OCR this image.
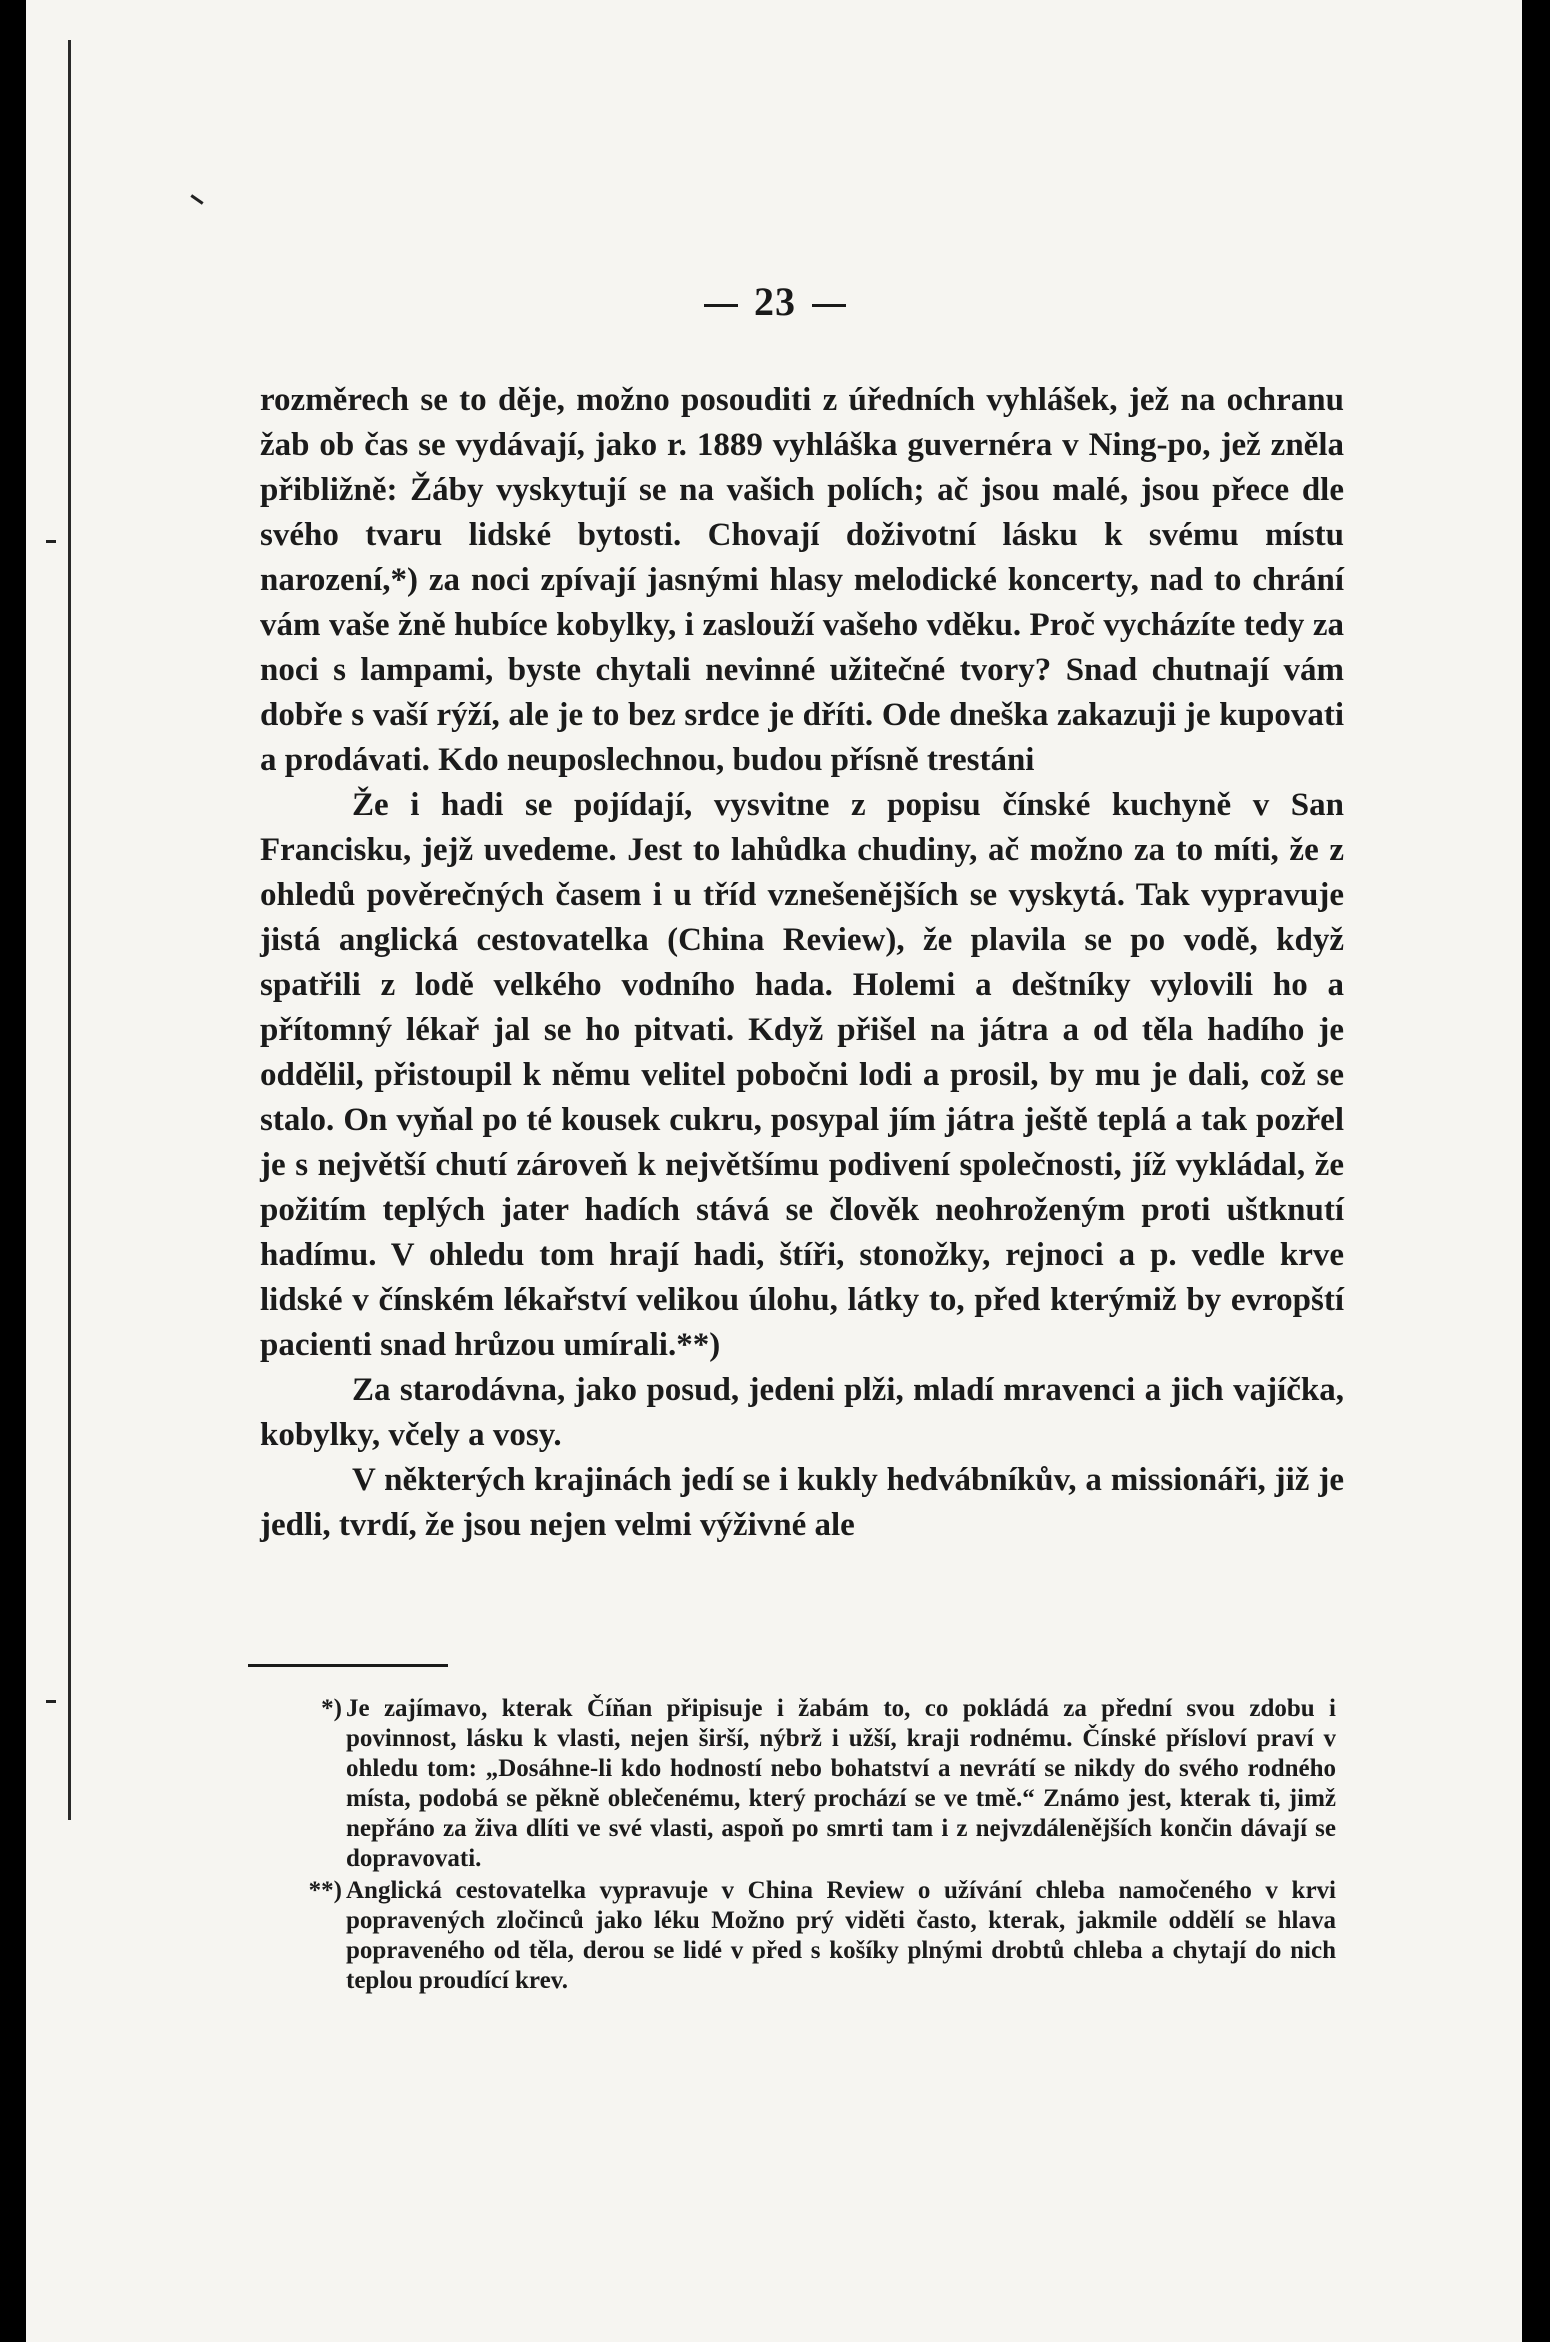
23

rozměrech se to děje, možno posouditi z úředních vyhlášek, jež na ochranu žab ob čas se vydávají, jako r. 1889 vyhláška guvernéra v Ning-po, jež zněla přibližně: Žáby vyskytují se na vašich polích; ač jsou malé, jsou přece dle svého tvaru lidské bytosti. Chovají doživotní lásku k svému místu narození,*) za noci zpívají jasnými hlasy melodické koncerty, nad to chrání vám vaše žně hubíce kobylky, i zaslouží vašeho vděku. Proč vycházíte tedy za noci s lampami, byste chytali nevinné užitečné tvory? Snad chutnají vám dobře s vaší rýží, ale je to bez srdce je dříti. Ode dneška zakazuji je kupovati a prodávati. Kdo neuposlechnou, budou přísně trestáni

Že i hadi se pojídají, vysvitne z popisu čínské kuchyně v San Francisku, jejž uvedeme. Jest to lahůdka chudiny, ač možno za to míti, že z ohledů pověrečných časem i u tříd vznešenějších se vyskytá. Tak vypravuje jistá anglická cestovatelka (China Review), že plavila se po vodě, když spatřili z lodě velkého vodního hada. Holemi a deštníky vylovili ho a přítomný lékař jal se ho pitvati. Když přišel na játra a od těla hadího je oddělil, přistoupil k němu velitel pobočni lodi a prosil, by mu je dali, což se stalo. On vyňal po té kousek cukru, posypal jím játra ještě teplá a tak pozřel je s největší chutí zároveň k největšímu podivení společnosti, jíž vykládal, že požitím teplých jater hadích stává se člověk neohroženým proti uštknutí hadímu. V ohledu tom hrají hadi, štíři, stonožky, rejnoci a p. vedle krve lidské v čínském lékařství velikou úlohu, látky to, před kterýmiž by evropští pacienti snad hrůzou umírali.**)

Za starodávna, jako posud, jedeni plži, mladí mravenci a jich vajíčka, kobylky, včely a vosy.

V některých krajinách jedí se i kukly hedvábníkův, a missionáři, již je jedli, tvrdí, že jsou nejen velmi výživné ale

*) Je zajímavo, kterak Číňan připisuje i žabám to, co pokládá za přední svou zdobu i povinnost, lásku k vlasti, nejen širší, nýbrž i užší, kraji rodnému. Čínské přísloví praví v ohledu tom: „Dosáhne-li kdo hodností nebo bohatství a nevrátí se nikdy do svého rodného místa, podobá se pěkně oblečenému, který prochází se ve tmě.“ Známo jest, kterak ti, jimž nepřáno za živa dlíti ve své vlasti, aspoň po smrti tam i z nejvzdálenějších končin dávají se dopravovati.
**) Anglická cestovatelka vypravuje v China Review o užívání chleba namočeného v krvi popravených zločinců jako léku Možno prý viděti často, kterak, jakmile oddělí se hlava popraveného od těla, derou se lidé v před s košíky plnými drobtů chleba a chytají do nich teplou proudící krev.
